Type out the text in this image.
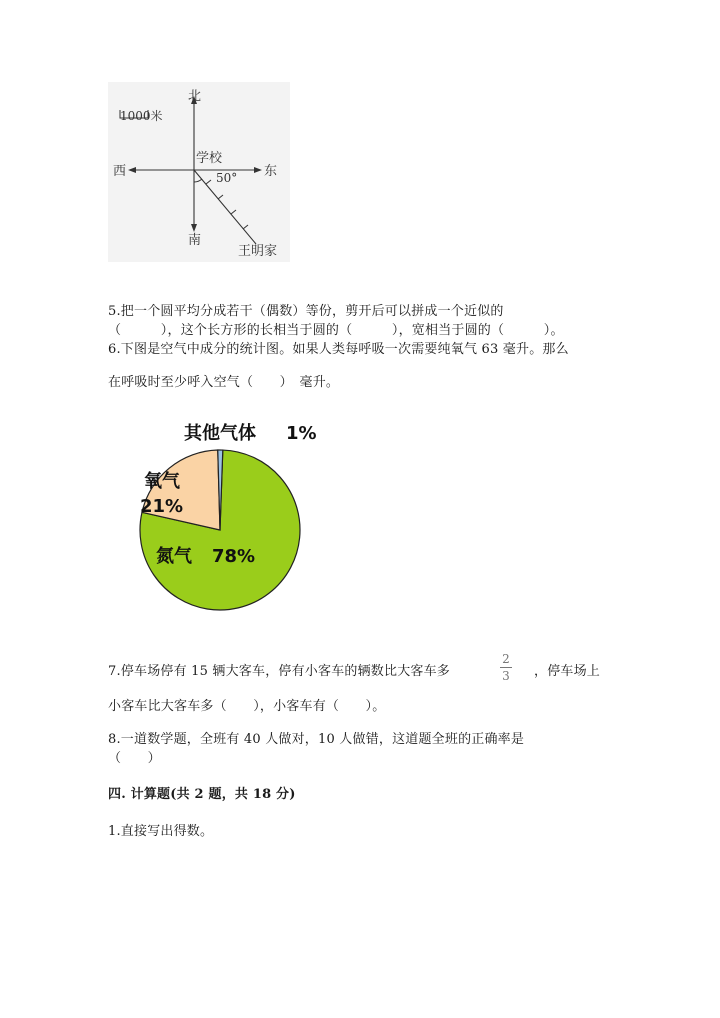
北
南
东
西
1000米
学校
50°
王明家
5.把一个圆平均分成若干（偶数）等份，剪开后可以拼成一个近似的
（　　　），这个长方形的长相当于圆的（　　　），宽相当于圆的（　　　）。
6.下图是空气中成分的统计图。如果人类每呼吸一次需要纯氧气 63 毫升。那么
在呼吸时至少呼入空气（　　）　毫升。
其他气体 1%
氧气
21%
氮气 78%
7.停车场停有 15 辆大客车，停有小客车的辆数比大客车多
2
3	，停车场上
小客车比大客车多（　　），小客车有（　　）。
8.一道数学题，全班有 40 人做对，10 人做错，这道题全班的正确率是
（　　）
四. 计算题(共 2 题，共 18 分)
1.直接写出得数。
